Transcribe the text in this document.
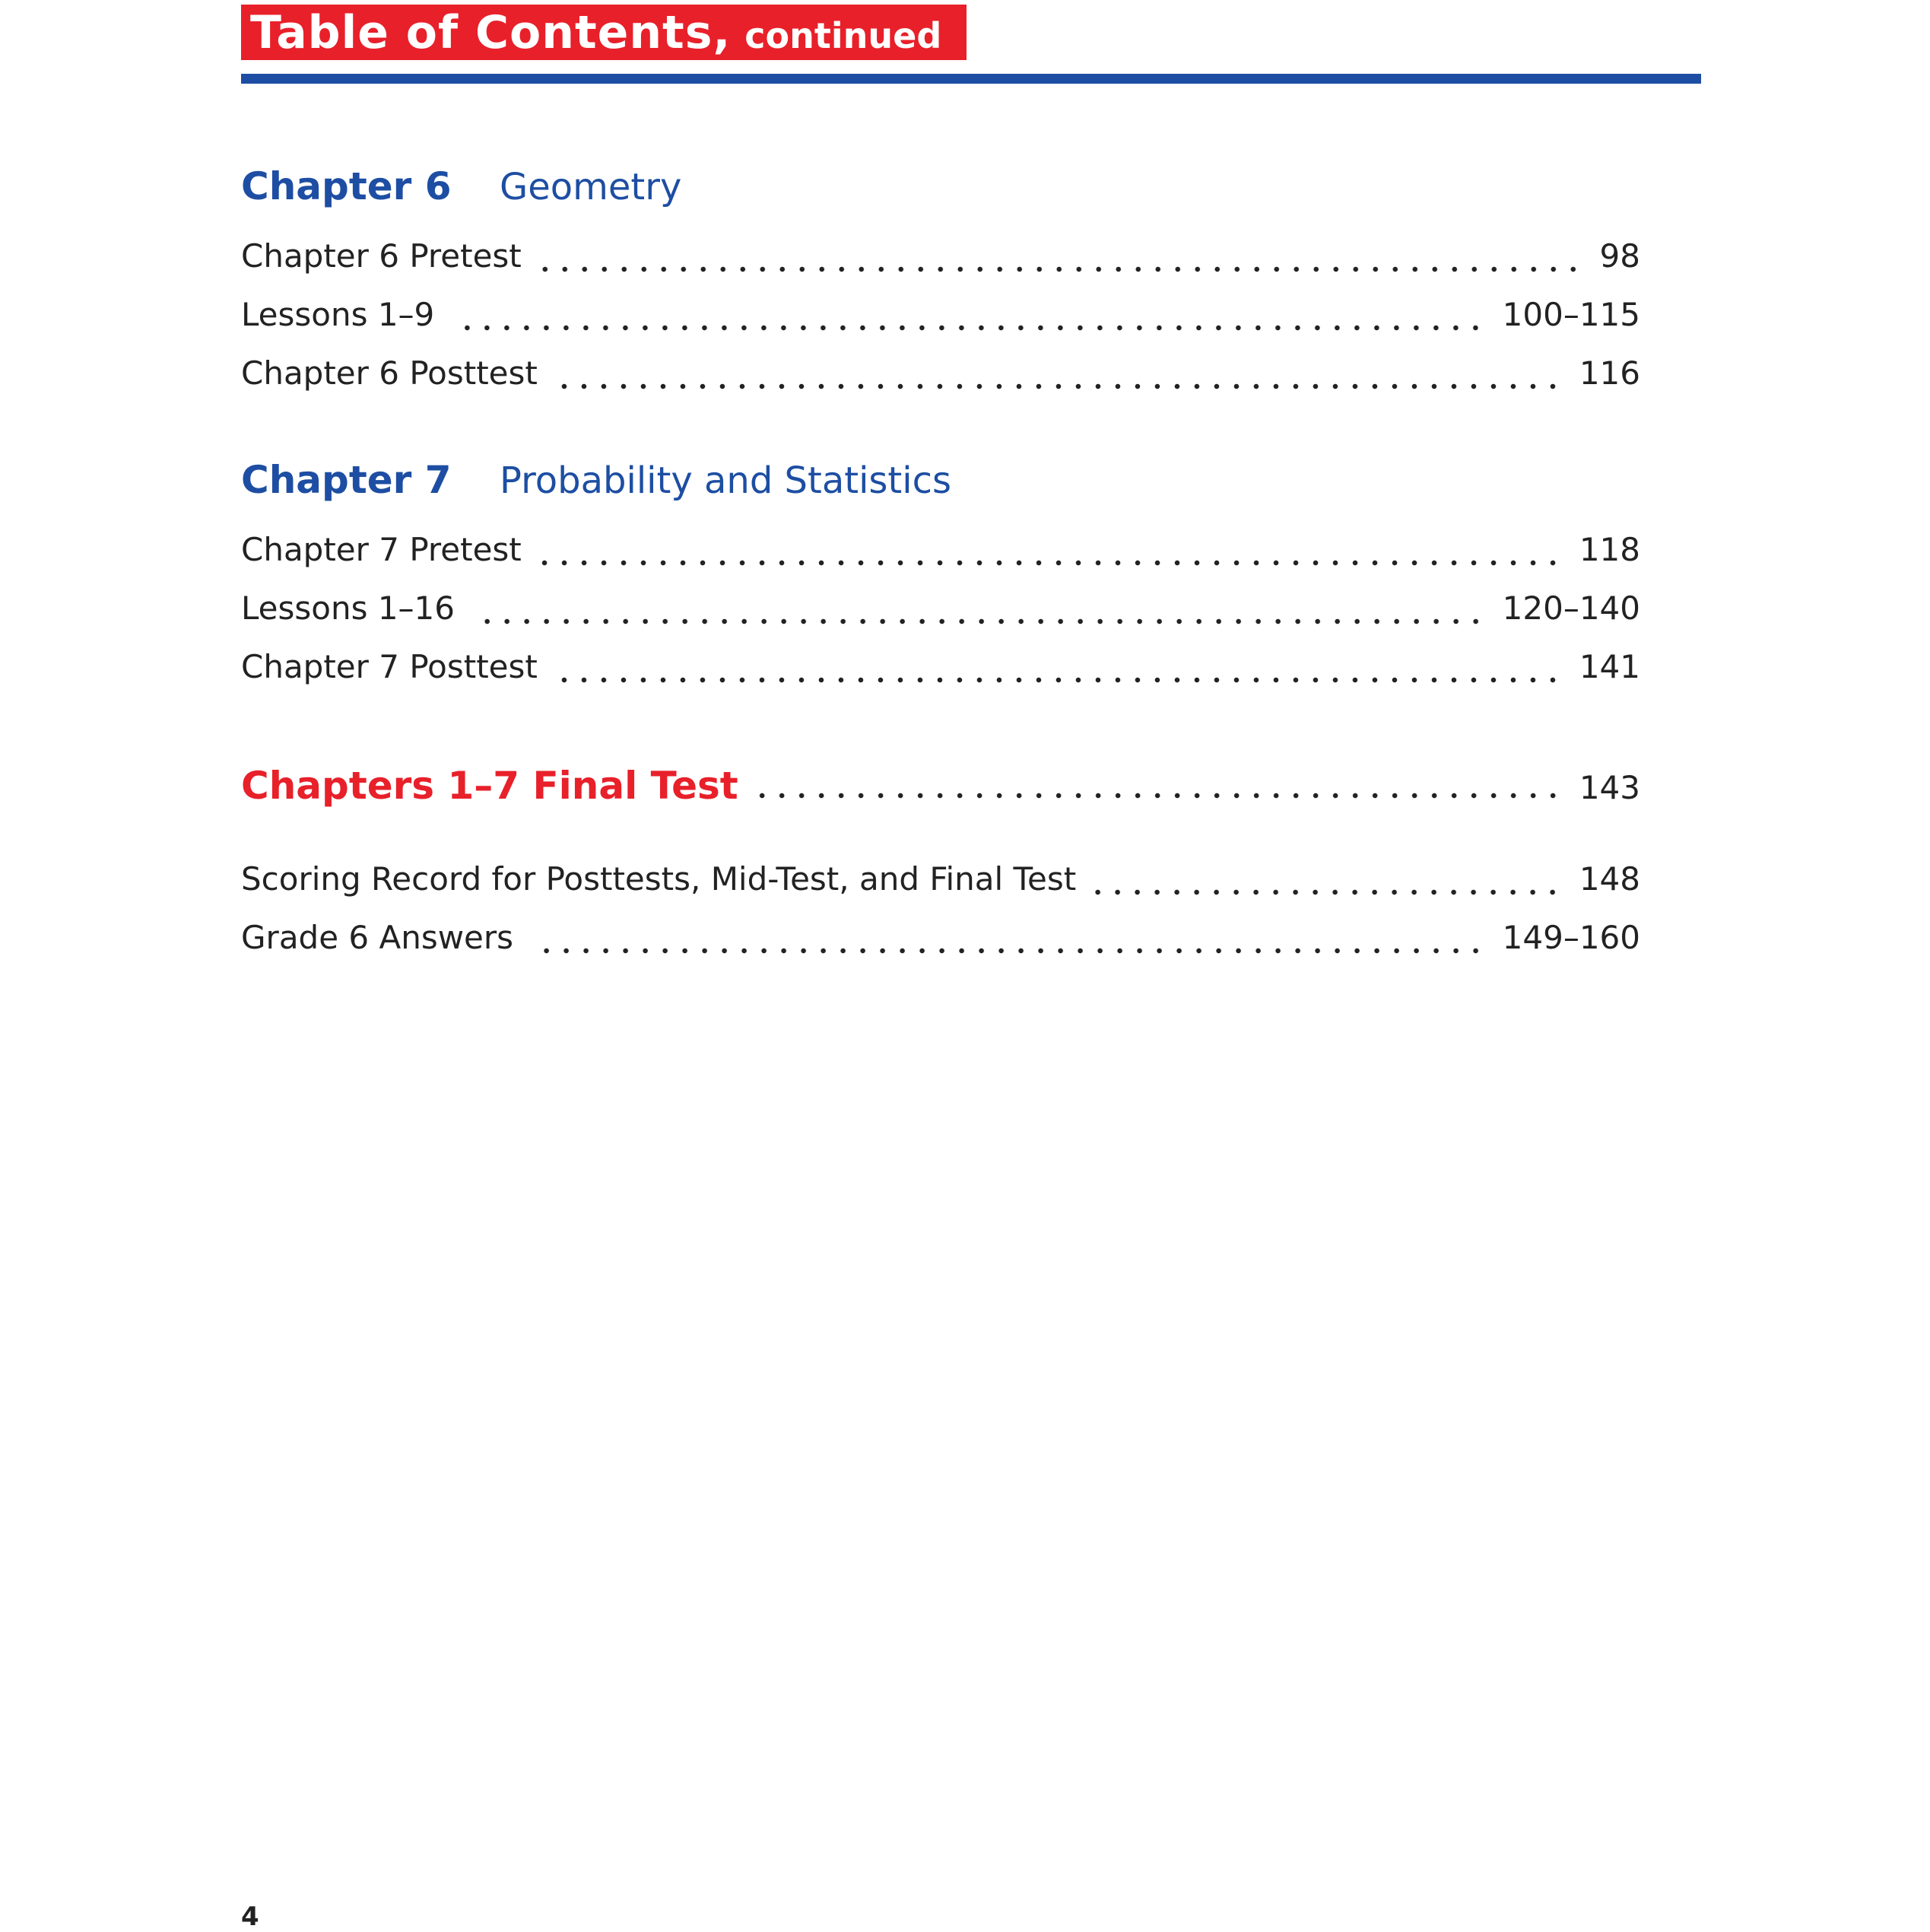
Table of Contents, continued
Chapter 6	Geometry
Chapter 6 Pretest	98
Lessons 1–9	100–115
Chapter 6 Posttest	116
Chapter 7	Probability and Statistics
Chapter 7 Pretest	118
Lessons 1–16	120–140
Chapter 7 Posttest	141
Chapters 1–7 Final Test	143
Scoring Record for Posttests, Mid-Test, and Final Test	148
Grade 6 Answers	149–160
4
